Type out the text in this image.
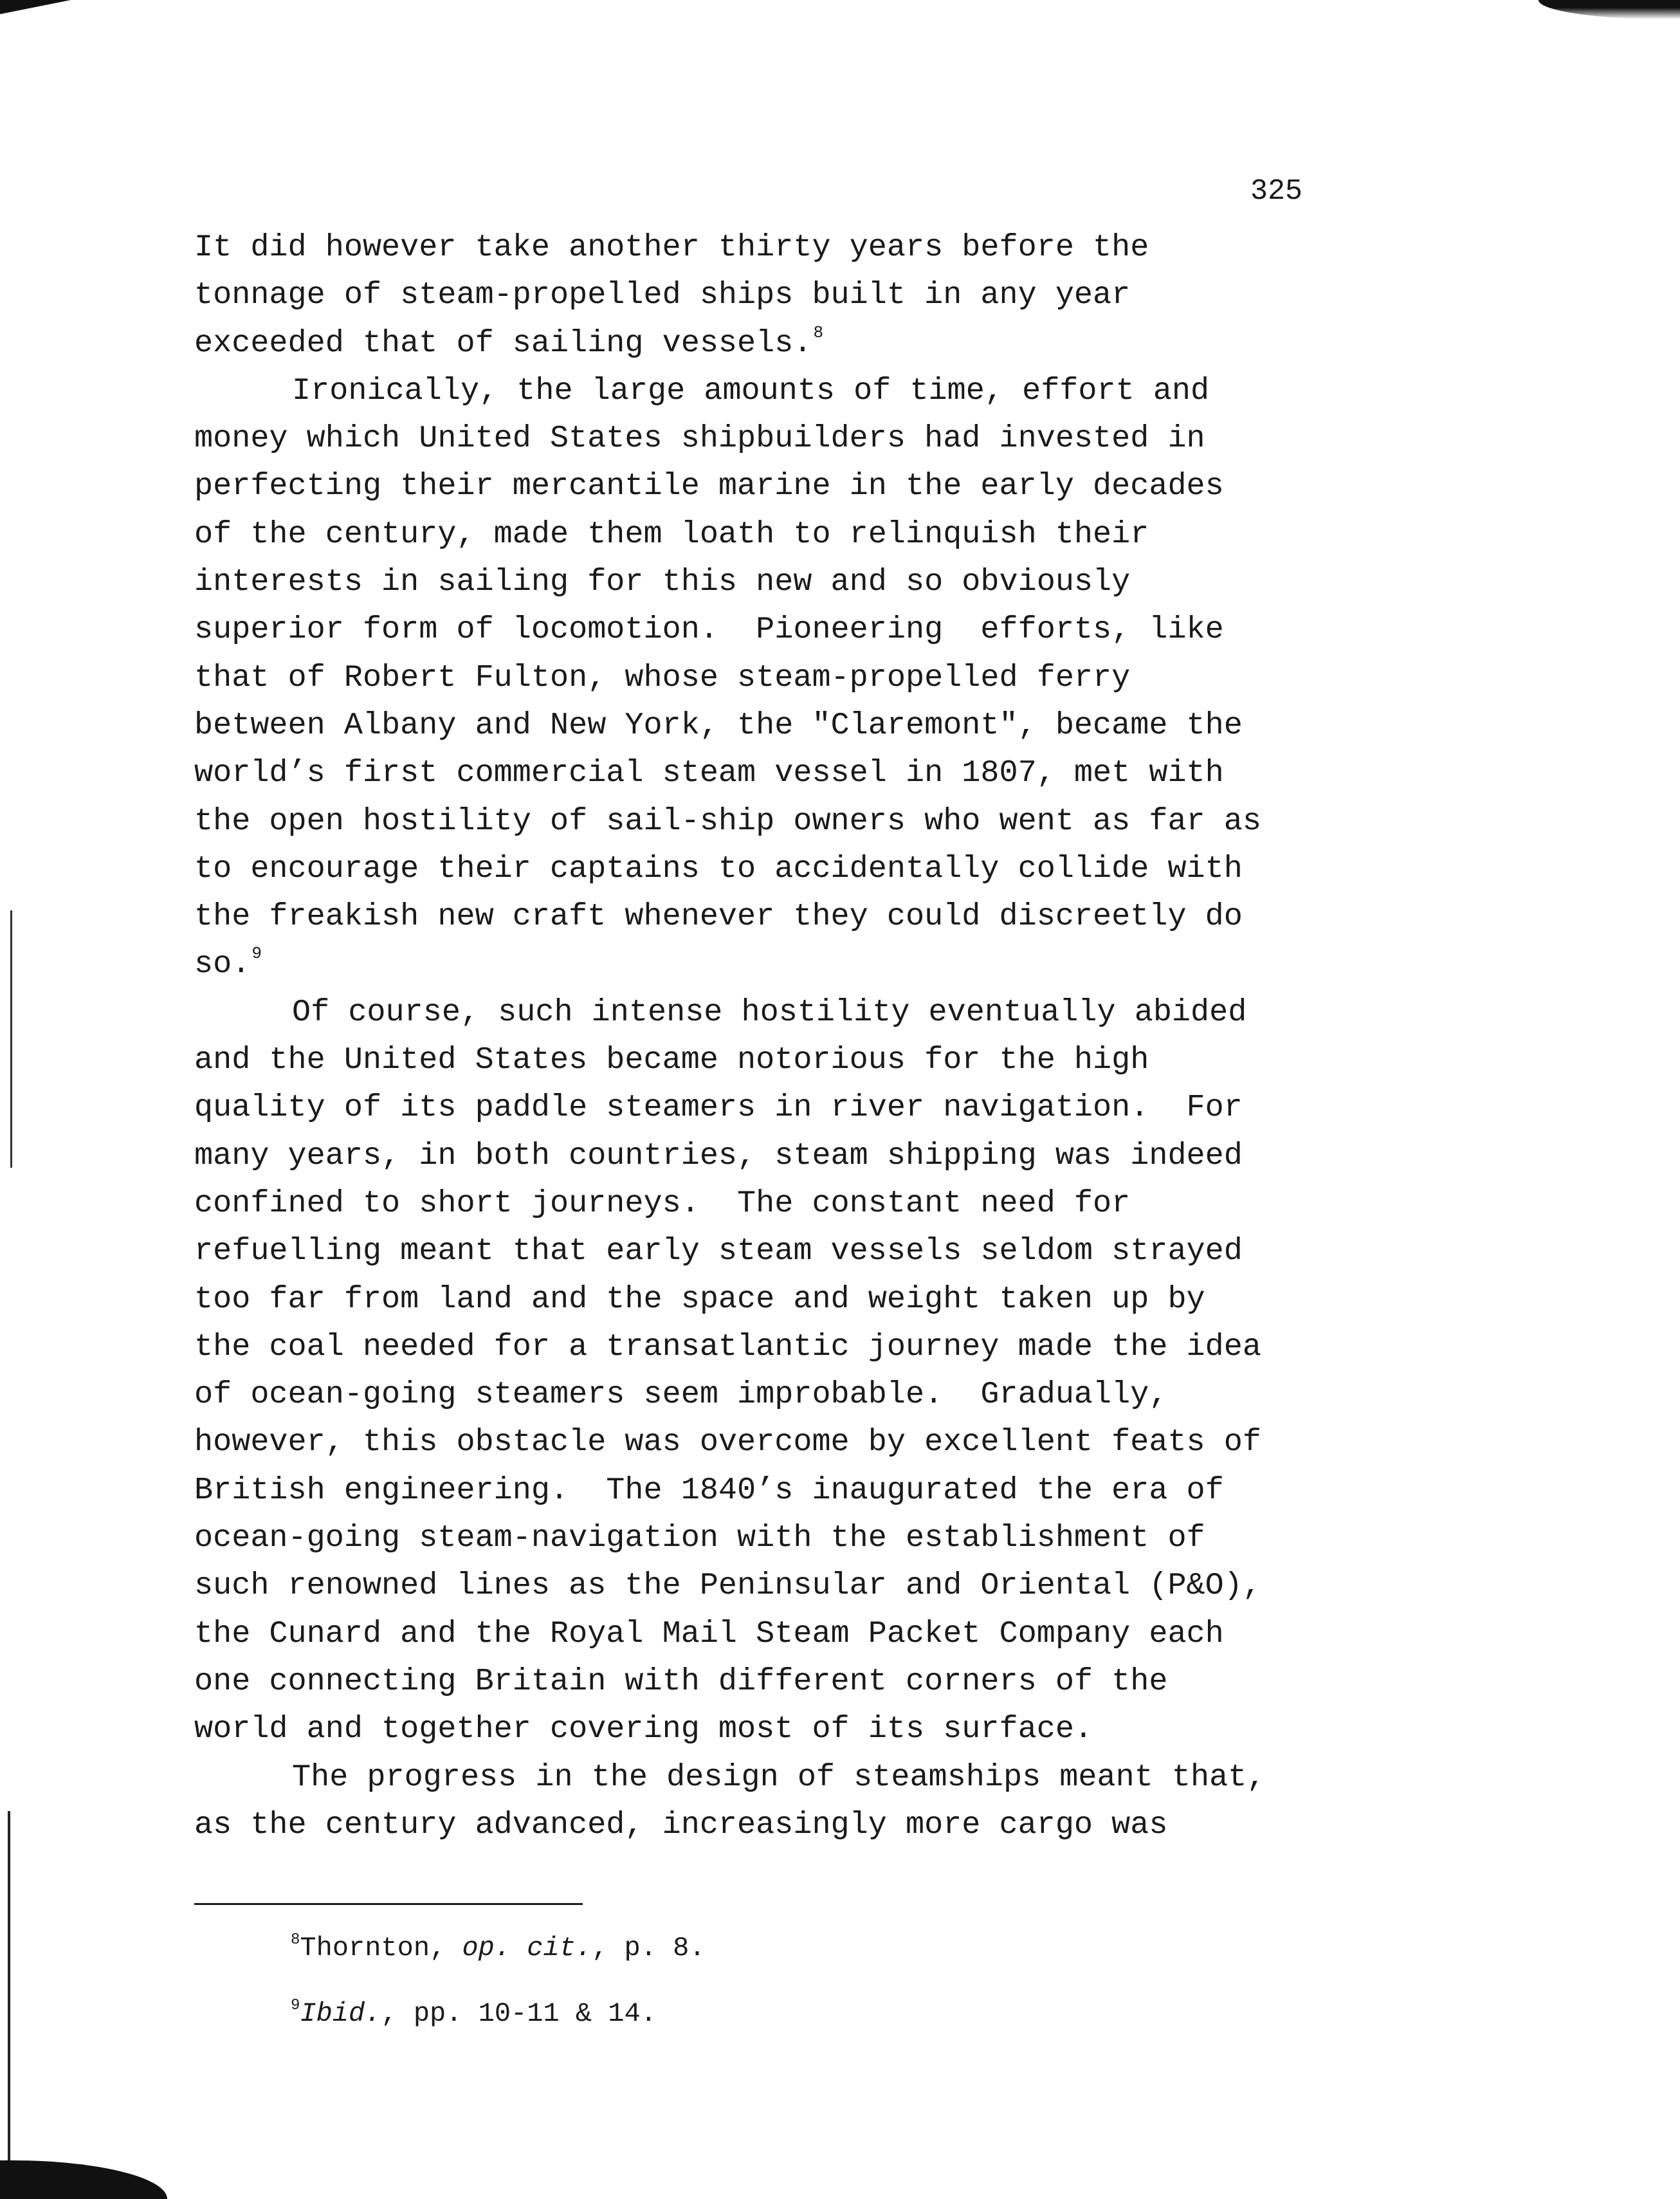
325
It did however take another thirty years before the
tonnage of steam-propelled ships built in any year
exceeded that of sailing vessels.$^8$
Ironically, the large amounts of time, effort and
money which United States shipbuilders had invested in
perfecting their mercantile marine in the early decades
of the century, made them loath to relinquish their
interests in sailing for this new and so obviously
superior form of locomotion.  Pioneering  efforts, like
that of Robert Fulton, whose steam-propelled ferry
between Albany and New York, the "Claremont", became the
world’s first commercial steam vessel in 1807, met with
the open hostility of sail-ship owners who went as far as
to encourage their captains to accidentally collide with
the freakish new craft whenever they could discreetly do
so.$^9$
Of course, such intense hostility eventually abided
and the United States became notorious for the high
quality of its paddle steamers in river navigation.  For
many years, in both countries, steam shipping was indeed
confined to short journeys.  The constant need for
refuelling meant that early steam vessels seldom strayed
too far from land and the space and weight taken up by
the coal needed for a transatlantic journey made the idea
of ocean-going steamers seem improbable.  Gradually,
however, this obstacle was overcome by excellent feats of
British engineering.  The 1840’s inaugurated the era of
ocean-going steam-navigation with the establishment of
such renowned lines as the Peninsular and Oriental (P&O),
the Cunard and the Royal Mail Steam Packet Company each
one connecting Britain with different corners of the
world and together covering most of its surface.
The progress in the design of steamships meant that,
as the century advanced, increasingly more cargo was
$^8$Thornton, op. cit., p. 8.
$^9$Ibid., pp. 10-11 & 14.
